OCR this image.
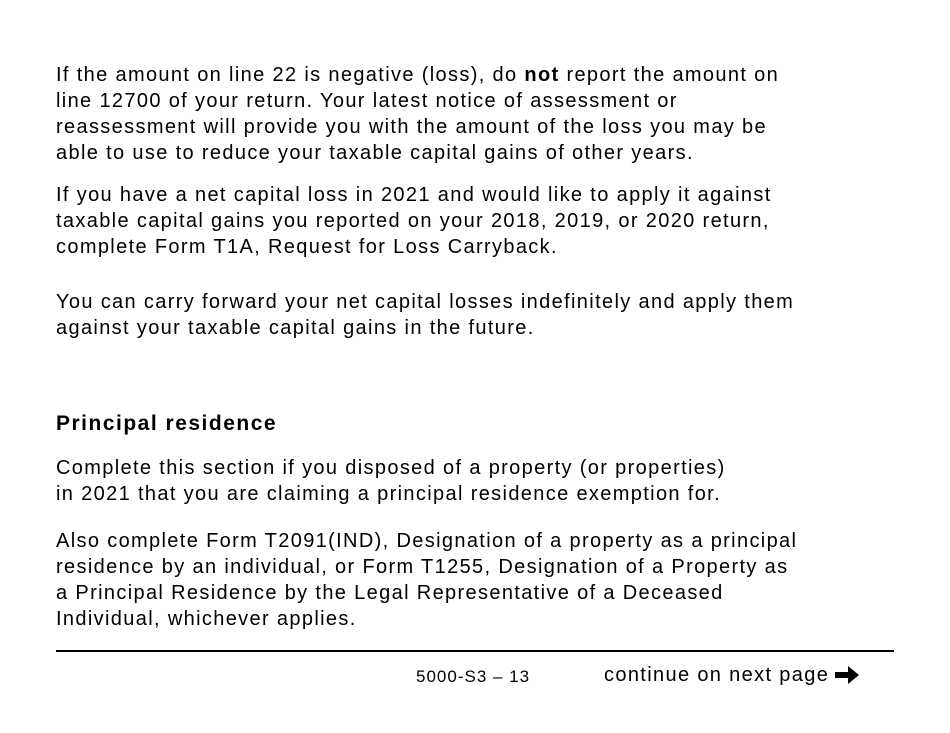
If the amount on line 22 is negative (loss), do not report the amount on
line 12700 of your return. Your latest notice of assessment or
reassessment will provide you with the amount of the loss you may be
able to use to reduce your taxable capital gains of other years.

If you have a net capital loss in 2021 and would like to apply it against
taxable capital gains you reported on your 2018, 2019, or 2020 return,
complete Form T1A, Request for Loss Carryback.

You can carry forward your net capital losses indefinitely and apply them
against your taxable capital gains in the future.

Principal residence

Complete this section if you disposed of a property (or properties)
in 2021 that you are claiming a principal residence exemption for.

Also complete Form T2091(IND), Designation of a property as a principal
residence by an individual, or Form T1255, Designation of a Property as
a Principal Residence by the Legal Representative of a Deceased
Individual, whichever applies.

5000-S3 – 13	continue on next page
